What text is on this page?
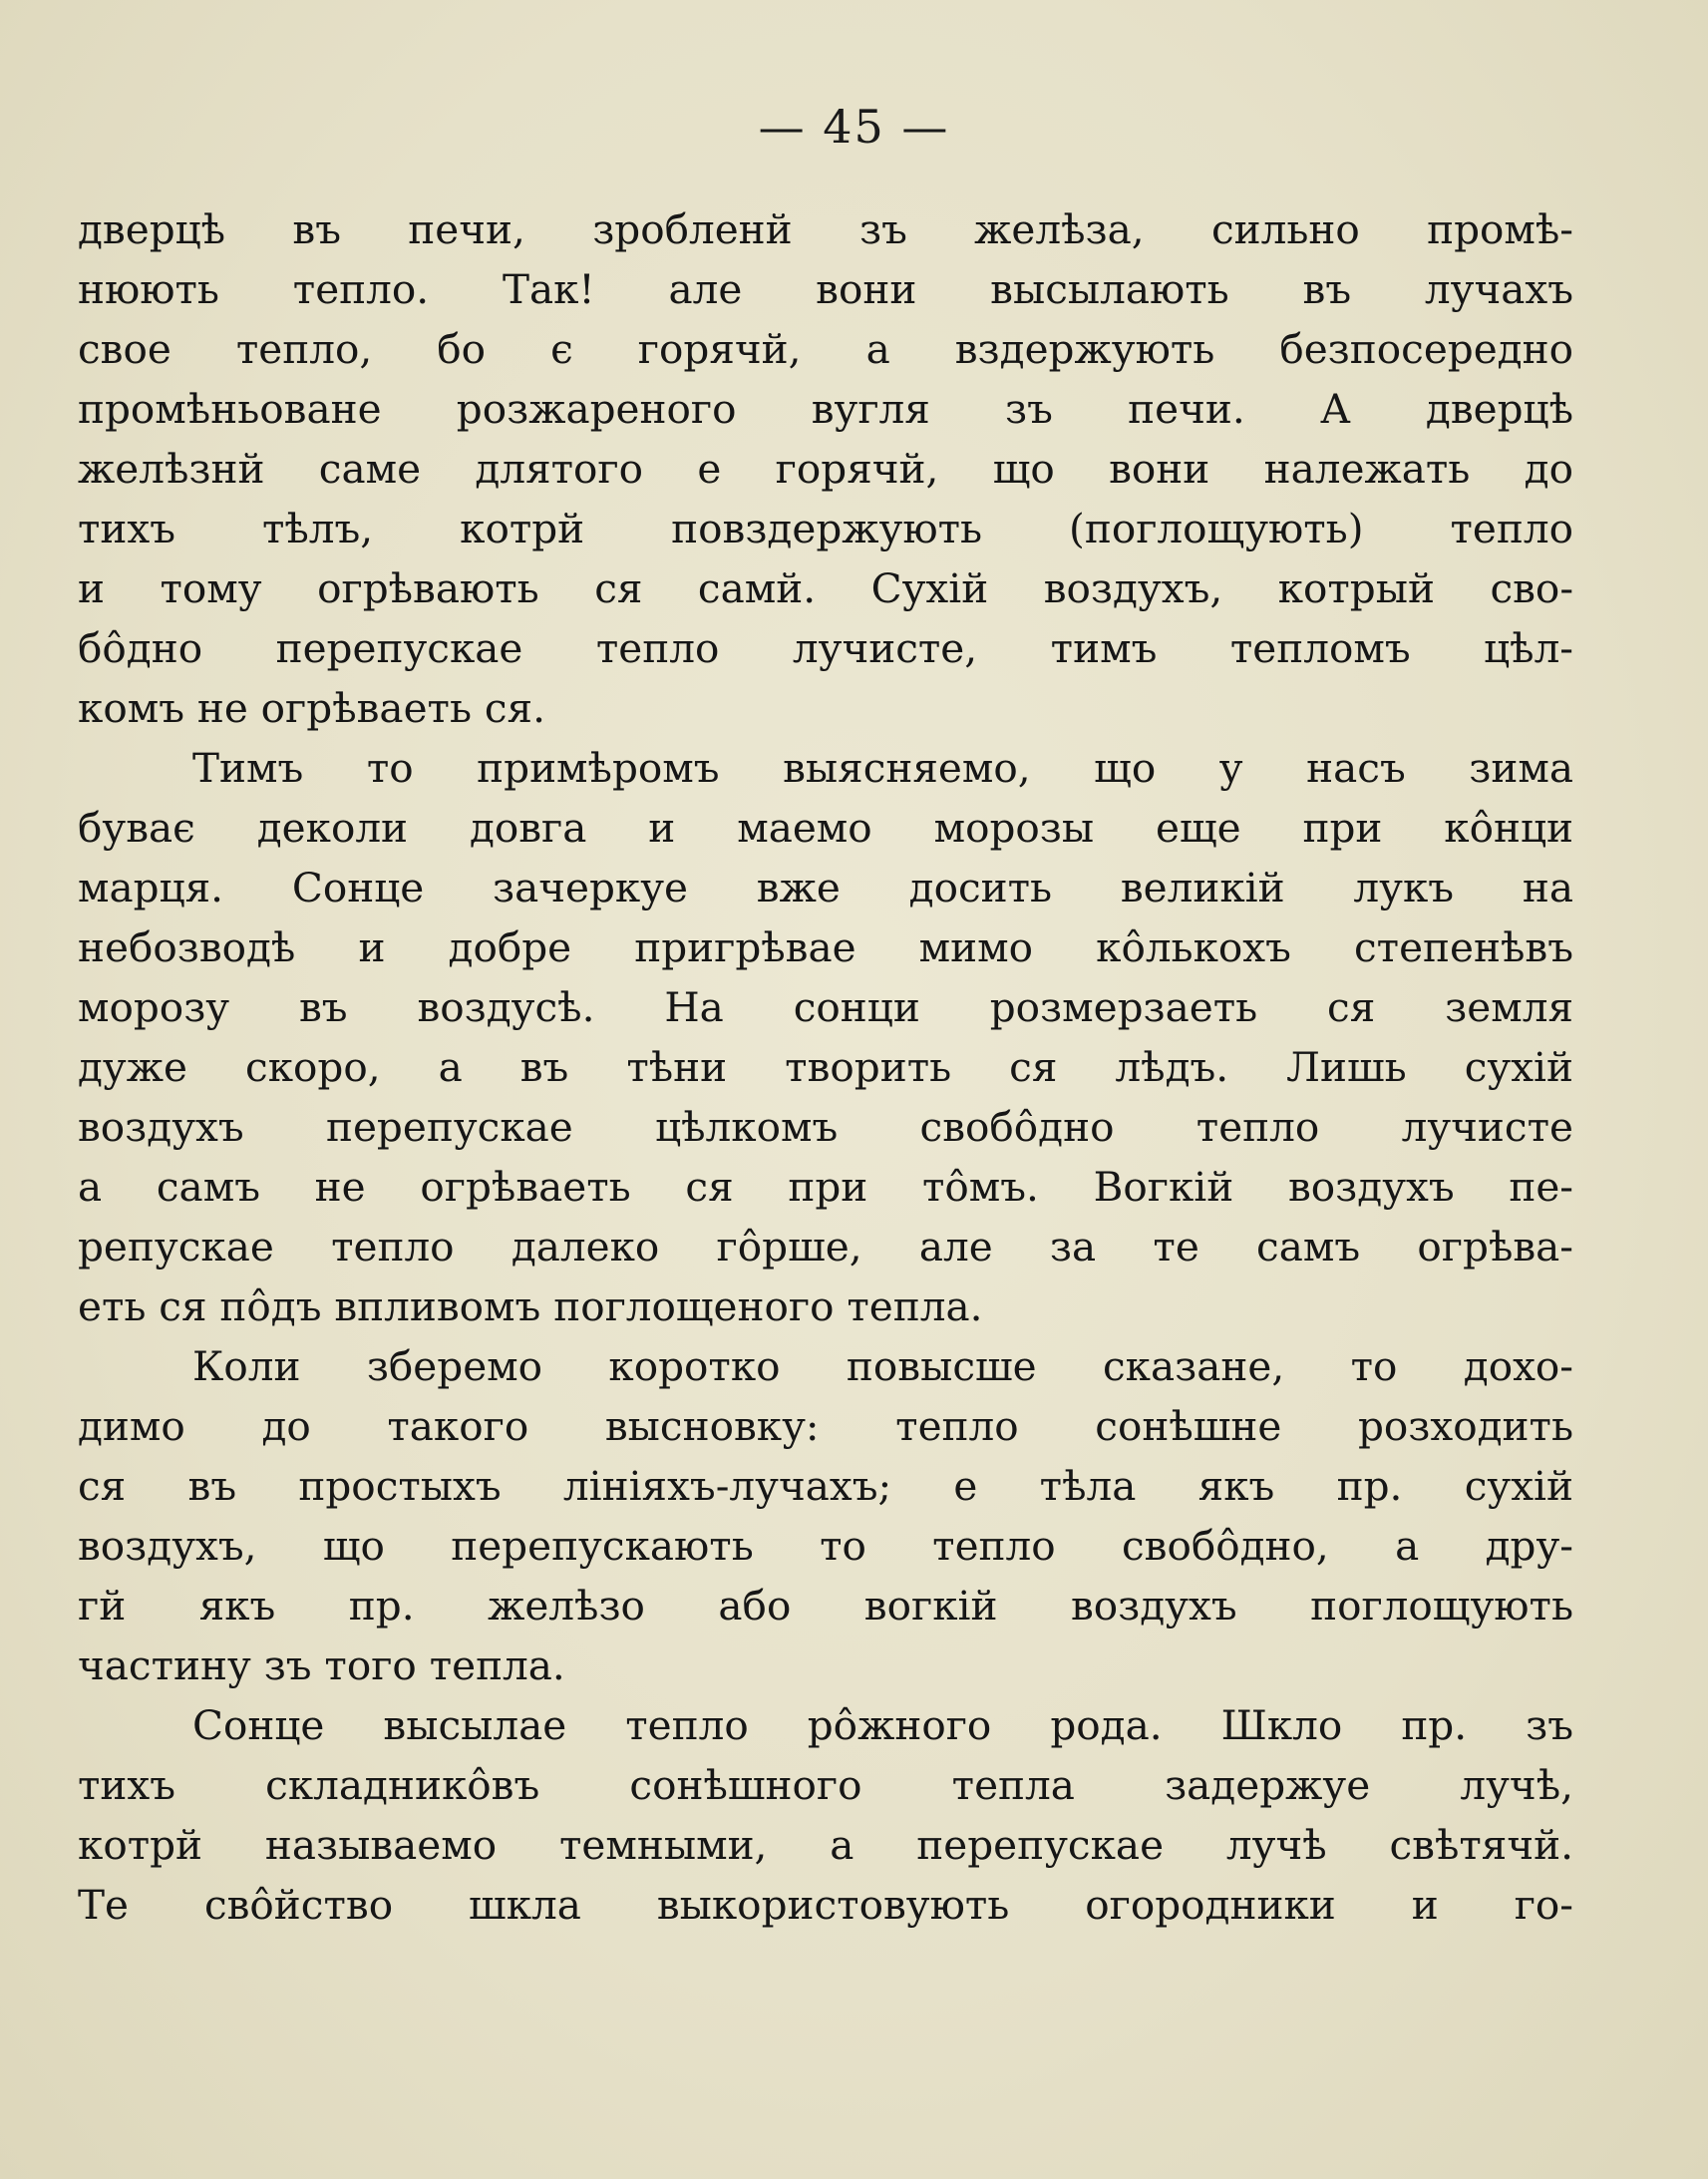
— 45 —
дверцѣ въ печи, зробленй зъ желѣза, сильно промѣ-
нюють тепло. Так! але вони высылають въ лучахъ
свое тепло, бо є горячй, а вздержують безпосередно
промѣньоване розжареного вугля зъ печи. А дверцѣ
желѣзнй саме длятого е горячй, що вони належать до
тихъ тѣлъ, котрй повздержують (поглощують) тепло
и тому огрѣвають ся самй. Сухій воздухъ, котрый сво-
бôдно перепускае тепло лучисте, тимъ тепломъ цѣл-
комъ не огрѣваеть ся.
Тимъ то примѣромъ выясняемо, що у насъ зима
буває деколи довга и маемо морозы еще при кôнци
марця. Сонце зачеркуе вже досить великій лукъ на
небозводѣ и добре пригрѣвае мимо кôлькохъ степенѣвъ
морозу въ воздусѣ. На сонци розмерзаеть ся земля
дуже скоро, а въ тѣни творить ся лѣдъ. Лишь сухій
воздухъ перепускае цѣлкомъ свобôдно тепло лучисте
а самъ не огрѣваеть ся при тôмъ. Вогкій воздухъ пе-
репускае тепло далеко гôрше, але за те самъ огрѣва-
еть ся пôдъ впливомъ поглощеного тепла.
Коли зберемо коротко повысше сказане, то дохо-
димо до такого высновку: тепло сонѣшне розходить
ся въ простыхъ лініяхъ-лучахъ; е тѣла якъ пр. сухій
воздухъ, що перепускають то тепло свобôдно, а дру-
гй якъ пр. желѣзо або вогкій воздухъ поглощують
частину зъ того тепла.
Сонце высылае тепло рôжного рода. Шкло пр. зъ
тихъ складникôвъ сонѣшного тепла задержуе лучѣ,
котрй называемо темными, а перепускае лучѣ свѣтячй.
Те свôйство шкла выкористовують огородники и го-
